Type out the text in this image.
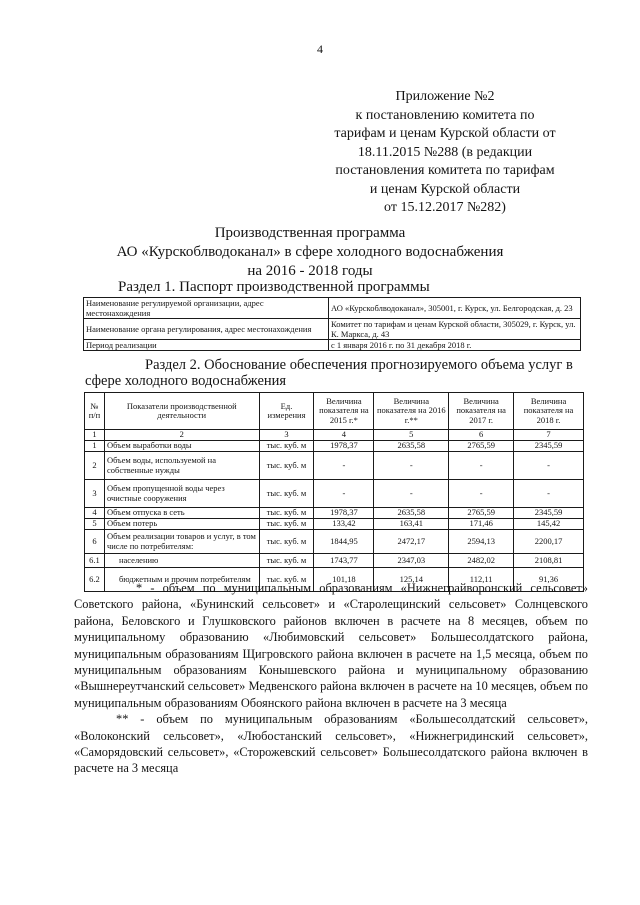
4
Приложение №2
к постановлению комитета по
тарифам и ценам Курской области от
18.11.2015 №288 (в редакции
постановления комитета по тарифам
и ценам Курской области
от 15.12.2017 №282)
Производственная программа
АО «Курскоблводоканал» в сфере холодного водоснабжения
на 2016 - 2018 годы
Раздел 1. Паспорт производственной программы
Наименование регулируемой организации, адрес местонахождения	АО «Курскоблводоканал», 305001, г. Курск, ул. Белгородская, д. 23
Наименование органа регулирования, адрес местонахождения	Комитет по тарифам и ценам Курской области, 305029, г. Курск, ул. К. Маркса, д. 43
Период реализации	с 1 января 2016 г. по 31 декабря 2018 г.
Раздел 2. Обоснование обеспечения прогнозируемого объема услуг в
сфере холодного водоснабжения
№ п/п	Показатели производственной деятельности	Ед. измерения	Величина показателя на 2015 г.*	Величина показателя на 2016 г.**	Величина показателя на 2017 г.	Величина показателя на 2018 г.
1	2	3	4	5	6	7
1	Объем выработки воды	тыс. куб. м	1978,37	2635,58	2765,59	2345,59
2	Объем воды, используемой на собственные нужды	тыс. куб. м	-	-	-	-
3	Объем пропущенной воды через очистные сооружения	тыс. куб. м	-	-	-	-
4	Объем отпуска в сеть	тыс. куб. м	1978,37	2635,58	2765,59	2345,59
5	Объем потерь	тыс. куб. м	133,42	163,41	171,46	145,42
6	Объем реализации товаров и услуг, в том числе по потребителям:	тыс. куб. м	1844,95	2472,17	2594,13	2200,17
6.1	населению	тыс. куб. м	1743,77	2347,03	2482,02	2108,81
6.2	бюджетным и прочим потребителям	тыс. куб. м	101,18	125,14	112,11	91,36

* - объем по муниципальным образованиям «Нижнеграйворонский сельсовет» Советского района, «Бунинский сельсовет» и «Старолещинский сельсовет» Солнцевского района, Беловского и Глушковского районов включен в расчете на 8 месяцев, объем по муниципальному образованию «Любимовский сельсовет» Большесолдатского района, муниципальным образованиям Щигровского района включен в расчете на 1,5 месяца, объем по муниципальным образованиям Конышевского района и муниципальному образованию «Вышнереутчанский сельсовет» Медвенского района включен в расчете на 10 месяцев, объем по муниципальным образованиям Обоянского района включен в расчете на 3 месяца

** - объем по муниципальным образованиям «Большесолдатский сельсовет», «Волоконский сельсовет», «Любостанский сельсовет», «Нижнегридинский сельсовет», «Саморядовский сельсовет», «Сторожевский сельсовет» Большесолдатского района включен в расчете на 3 месяца
